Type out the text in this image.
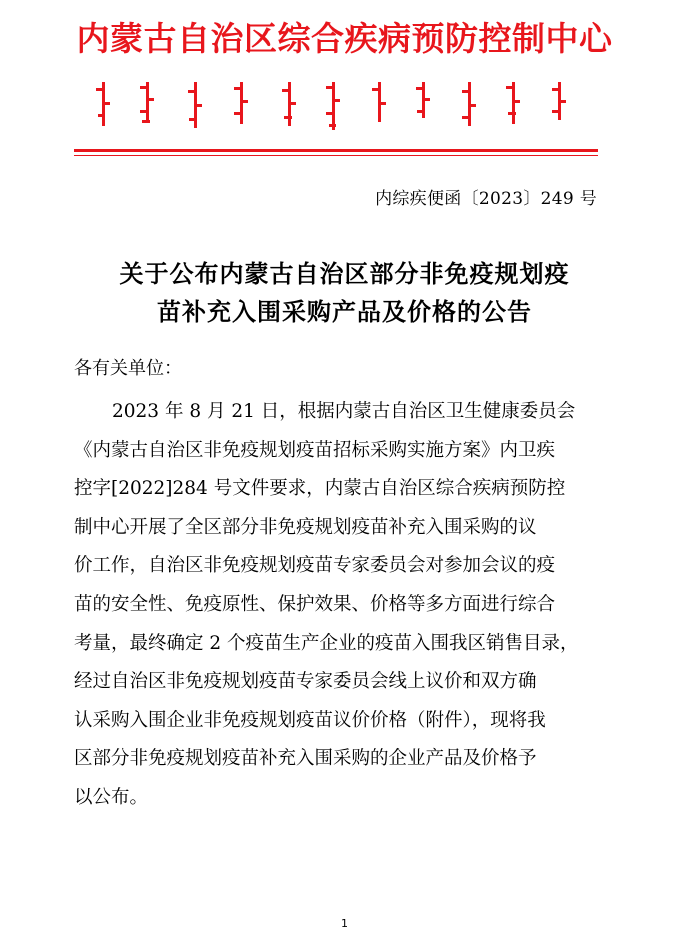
内蒙古自治区综合疾病预防控制中心
内综疾便函〔2023〕249 号
关于公布内蒙古自治区部分非免疫规划疫
苗补充入围采购产品及价格的公告
各有关单位：
2023 年 8 月 21 日，根据内蒙古自治区卫生健康委员会
《内蒙古自治区非免疫规划疫苗招标采购实施方案》内卫疾
控字[2022]284 号文件要求，内蒙古自治区综合疾病预防控
制中心开展了全区部分非免疫规划疫苗补充入围采购的议
价工作，自治区非免疫规划疫苗专家委员会对参加会议的疫
苗的安全性、免疫原性、保护效果、价格等多方面进行综合
考量，最终确定 2 个疫苗生产企业的疫苗入围我区销售目录，
经过自治区非免疫规划疫苗专家委员会线上议价和双方确
认采购入围企业非免疫规划疫苗议价价格（附件），现将我
区部分非免疫规划疫苗补充入围采购的企业产品及价格予
以公布。
1
